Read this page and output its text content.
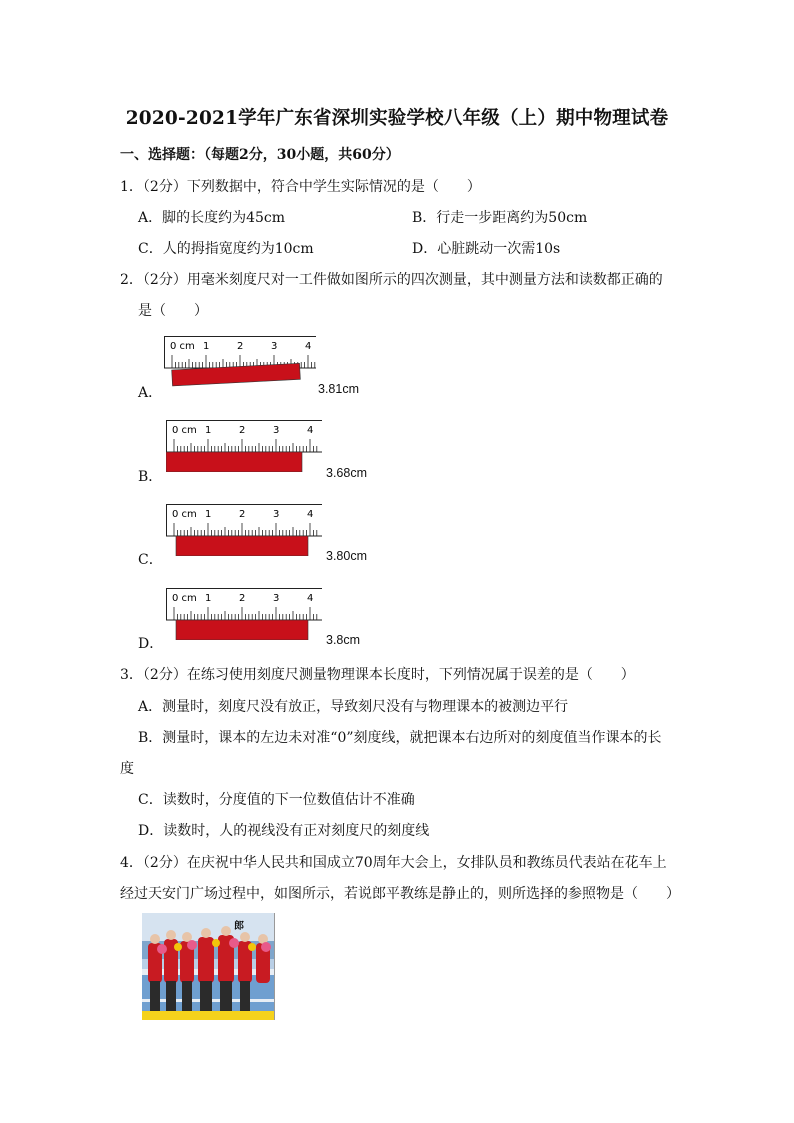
2020-2021学年广东省深圳实验学校八年级（上）期中物理试卷
一、选择题：（每题2分，30小题，共60分）
1．（2分）下列数据中，符合中学生实际情况的是（　　）
A．脚的长度约为45cm	B．行走一步距离约为50cm
C．人的拇指宽度约为10cm	D．心脏跳动一次需10s
2．（2分）用毫米刻度尺对一工件做如图所示的四次测量，其中测量方法和读数都正确的
是（　　）
A．	3.81cm
0 cm 1	2	3	4
B．	3.68cm
0 cm 1	2	3	4
C．	3.80cm
0 cm 1	2	3	4
D．	3.8cm
0 cm 1	2	3	4
3．（2分）在练习使用刻度尺测量物理课本长度时，下列情况属于误差的是（　　）
A．测量时，刻度尺没有放正，导致刻尺没有与物理课本的被测边平行
B．测量时，课本的左边未对准“0”刻度线，就把课本右边所对的刻度值当作课本的长
度
C．读数时，分度值的下一位数值估计不准确
D．读数时，人的视线没有正对刻度尺的刻度线
4．（2分）在庆祝中华人民共和国成立70周年大会上，女排队员和教练员代表站在花车上
经过天安门广场过程中，如图所示，若说郎平教练是静止的，则所选择的参照物是（　　）
郎
